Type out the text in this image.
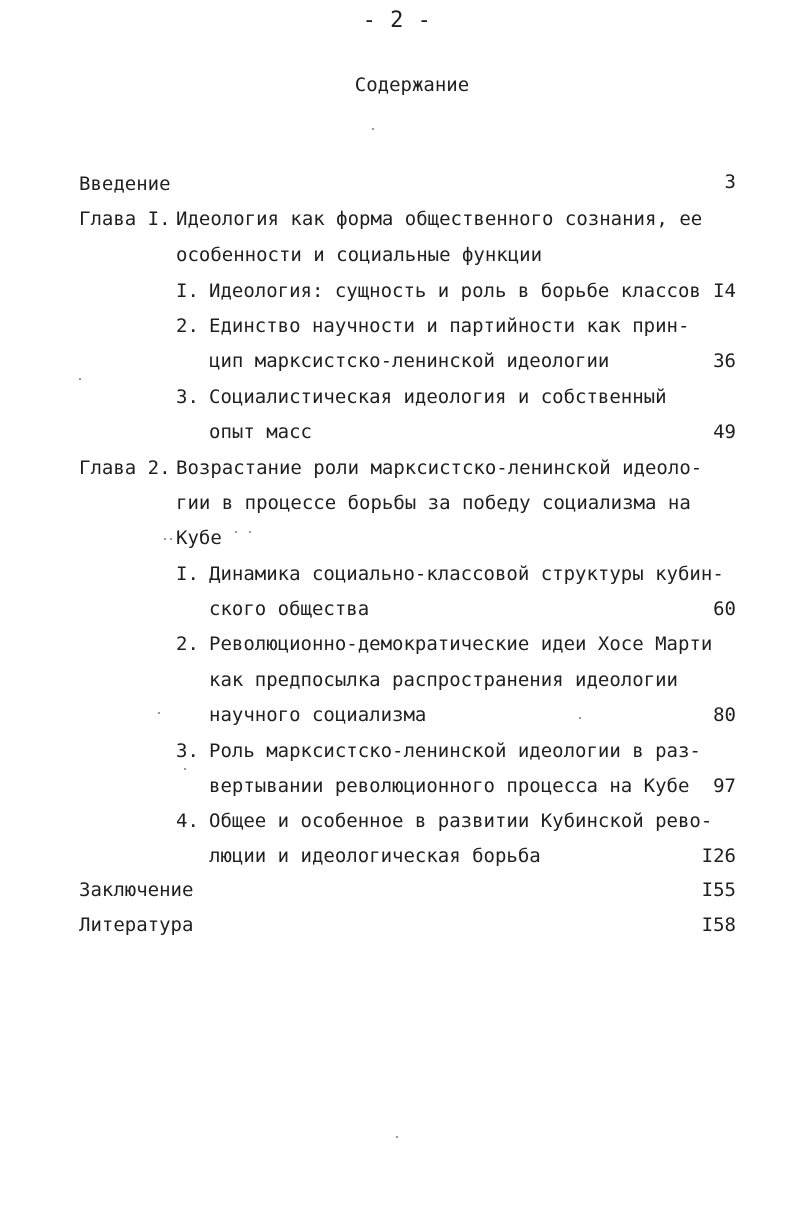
- 2 -
Содержание
Введение	3
Глава I. Идеология как форма общественного сознания, ее
особенности и социальные функции
I. Идеология: сущность и роль в борьбе классов I4
2. Единство научности и партийности как прин-
цип марксистско-ленинской идеологии	36
3. Социалистическая идеология и собственный
опыт масс	49
Глава 2. Возрастание роли марксистско-ленинской идеоло-
гии в процессе борьбы за победу социализма на
Кубе
I. Динамика социально-классовой структуры кубин-
ского общества	60
2. Революционно-демократические идеи Хосе Марти
как предпосылка распространения идеологии
научного социализма	80
3. Роль марксистско-ленинской идеологии в раз-
вертывании революционного процесса на Кубе	97
4. Общее и особенное в развитии Кубинской рево-
люции и идеологическая борьба	I26
Заключение	I55
Литература	I58
